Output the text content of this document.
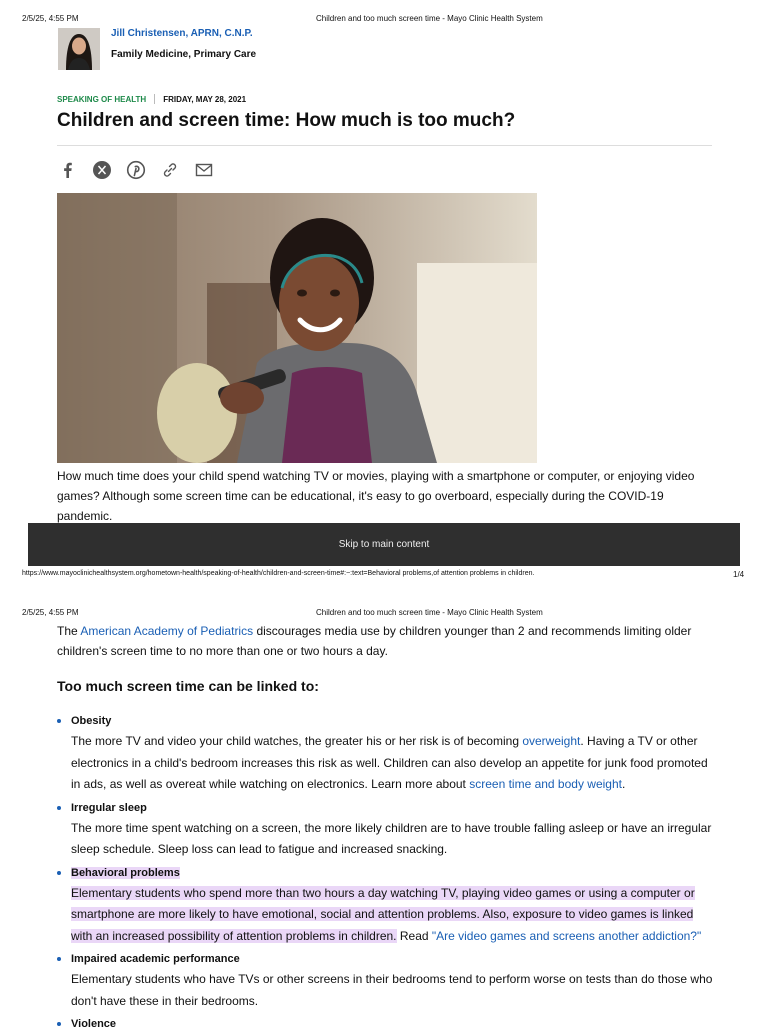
2/5/25, 4:55 PM	Children and too much screen time - Mayo Clinic Health System
Jill Christensen, APRN, C.N.P.
Family Medicine, Primary Care
SPEAKING OF HEALTH FRIDAY, MAY 28, 2021
Children and screen time: How much is too much?
How much time does your child spend watching TV or movies, playing with a smartphone or computer, or enjoying video games? Although some screen time can be educational, it's easy to go overboard, especially during the COVID-19 pandemic.
Skip to main content
https://www.mayoclinichealthsystem.org/hometown-health/speaking-of-health/children-and-screen-time#:~:text=Behavioral problems,of attention problems in children.	1/4
2/5/25, 4:55 PM	Children and too much screen time - Mayo Clinic Health System
The American Academy of Pediatrics discourages media use by children younger than 2 and recommends limiting older children's screen time to no more than one or two hours a day.
Too much screen time can be linked to:
Obesity
The more TV and video your child watches, the greater his or her risk is of becoming overweight. Having a TV or other electronics in a child's bedroom increases this risk as well. Children can also develop an appetite for junk food promoted in ads, as well as overeat while watching on electronics. Learn more about screen time and body weight.
Irregular sleep
The more time spent watching on a screen, the more likely children are to have trouble falling asleep or have an irregular sleep schedule. Sleep loss can lead to fatigue and increased snacking.
Behavioral problems
Elementary students who spend more than two hours a day watching TV, playing video games or using a computer or smartphone are more likely to have emotional, social and attention problems. Also, exposure to video games is linked with an increased possibility of attention problems in children. Read "Are video games and screens another addiction?"
Impaired academic performance
Elementary students who have TVs or other screens in their bedrooms tend to perform worse on tests than do those who don't have these in their bedrooms.
Violence
